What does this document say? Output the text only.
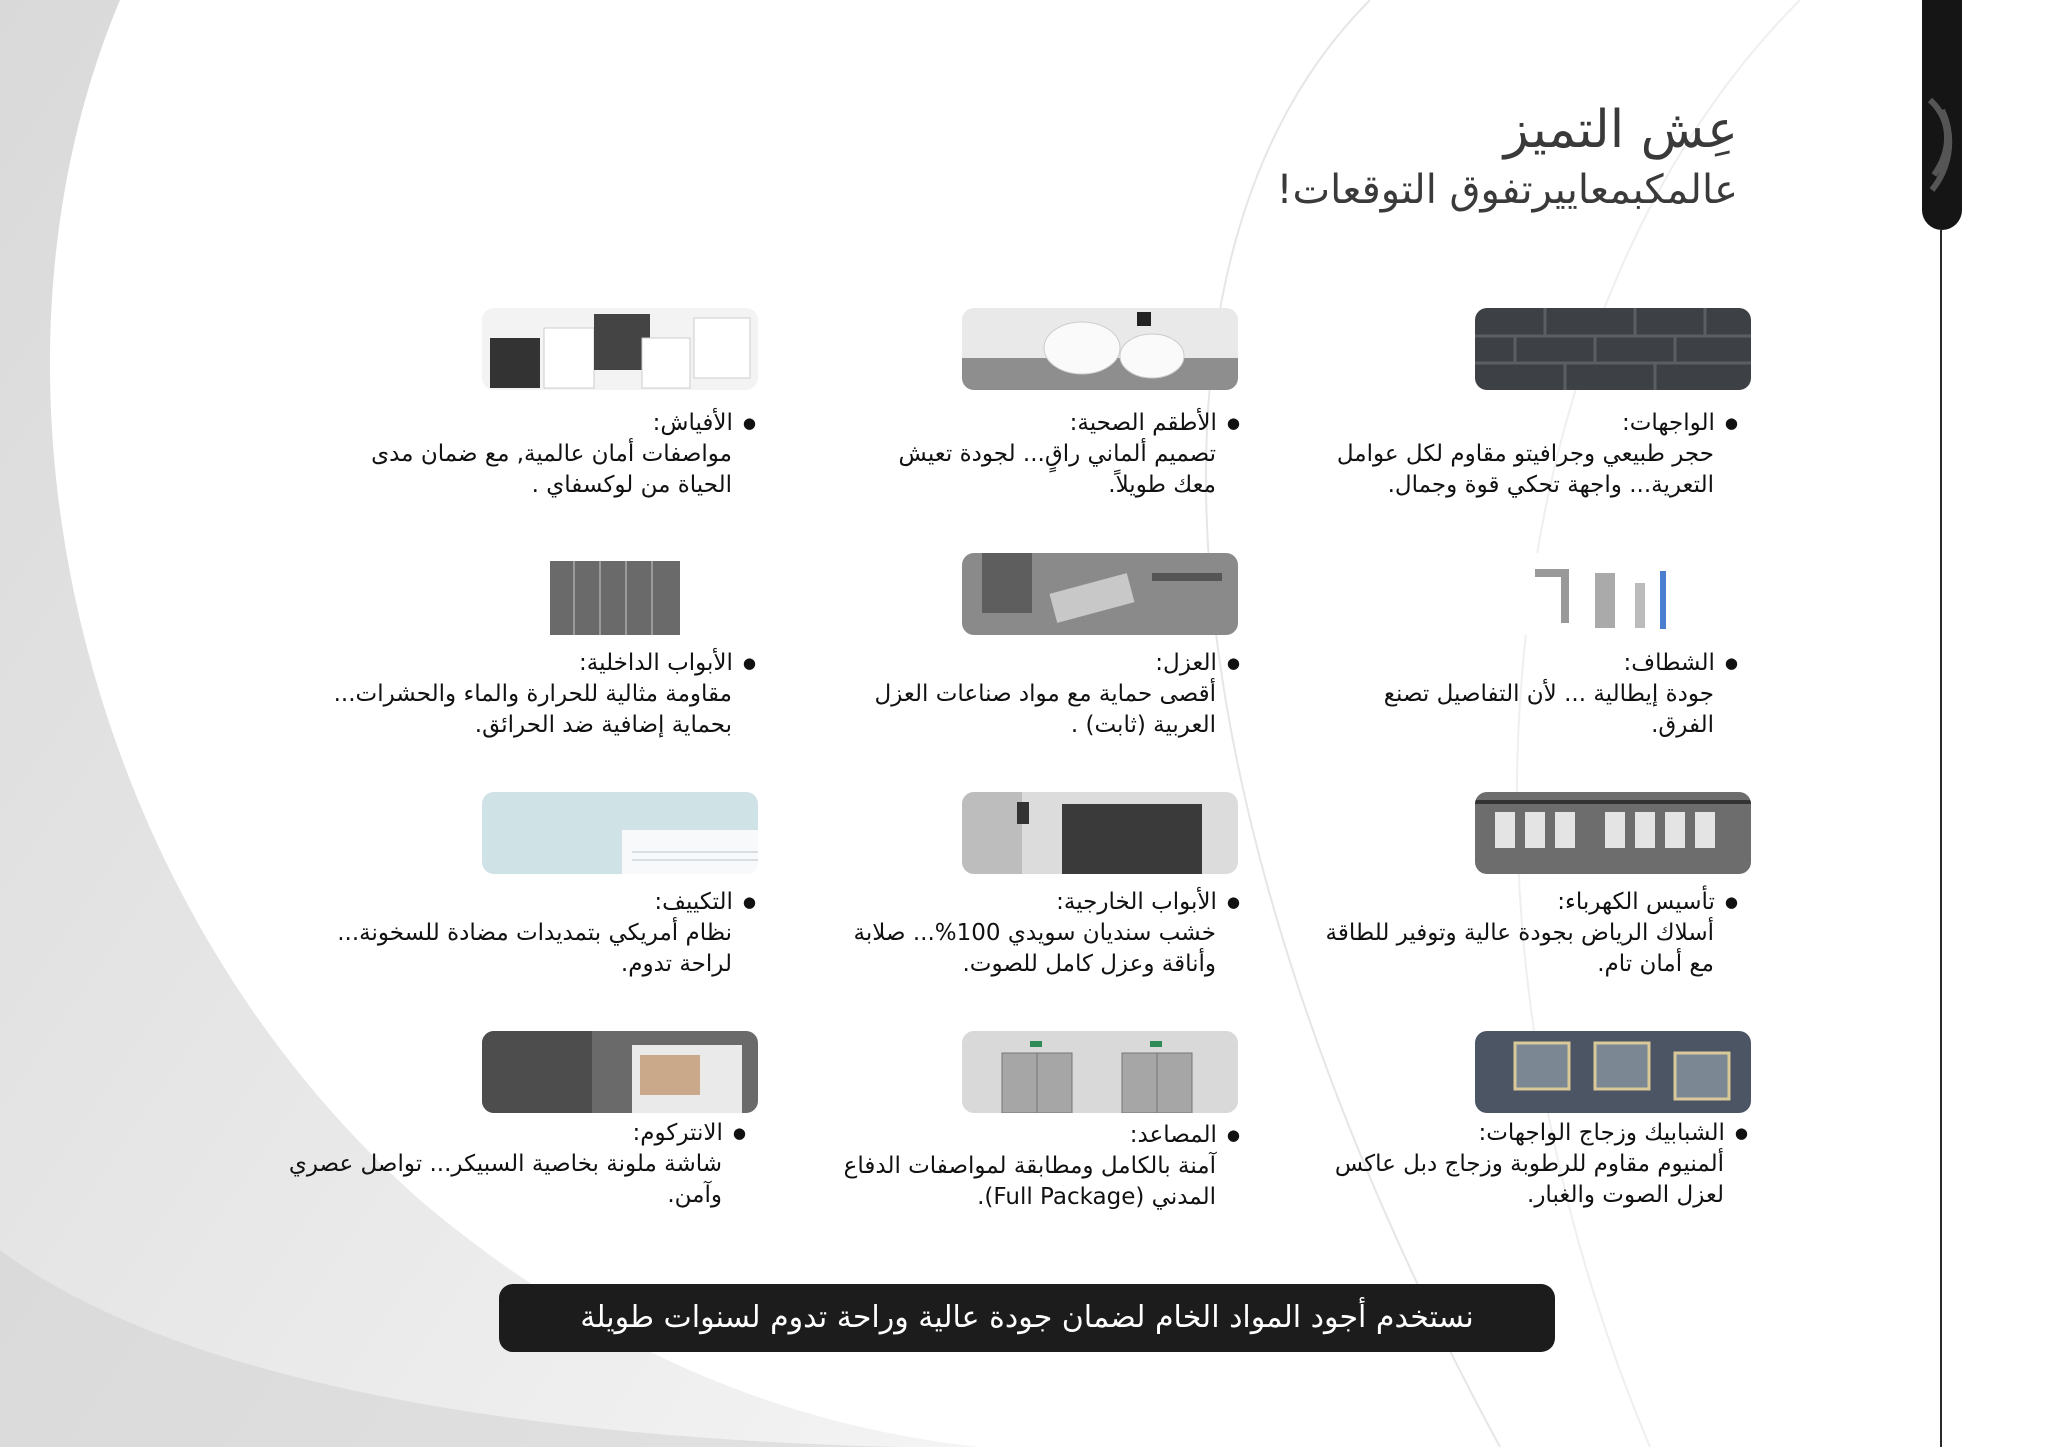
عِش التميز
عالمكبمعاييرتفوق التوقعات!
● الواجهات:
حجر طبيعي وجرافيتو مقاوم لكل عوامل التعرية... واجهة تحكي قوة وجمال.
● الأطقم الصحية:
تصميم ألماني راقٍ... لجودة تعيش معك طويلاً.
● الأفياش:
مواصفات أمان عالمية, مع ضمان مدى الحياة من لوكسفاي .
● الشطاف:
جودة إيطالية ... لأن التفاصيل تصنع الفرق.
● العزل:
أقصى حماية مع مواد صناعات العزل العربية (ثابت) .
● الأبواب الداخلية:
مقاومة مثالية للحرارة والماء والحشرات... بحماية إضافية ضد الحرائق.
● تأسيس الكهرباء:
أسلاك الرياض بجودة عالية وتوفير للطاقة مع أمان تام.
● الأبواب الخارجية:
خشب سنديان سويدي 100%... صلابة وأناقة وعزل كامل للصوت.
● التكييف:
نظام أمريكي بتمديدات مضادة للسخونة... لراحة تدوم.
● الشبابيك وزجاج الواجهات:
ألمنيوم مقاوم للرطوبة وزجاج دبل عاكس لعزل الصوت والغبار.
● المصاعد:
آمنة بالكامل ومطابقة لمواصفات الدفاع المدني (Full Package).
● الانتركوم:
شاشة ملونة بخاصية السبيكر... تواصل عصري وآمن.
نستخدم أجود المواد الخام لضمان جودة عالية وراحة تدوم لسنوات طويلة
